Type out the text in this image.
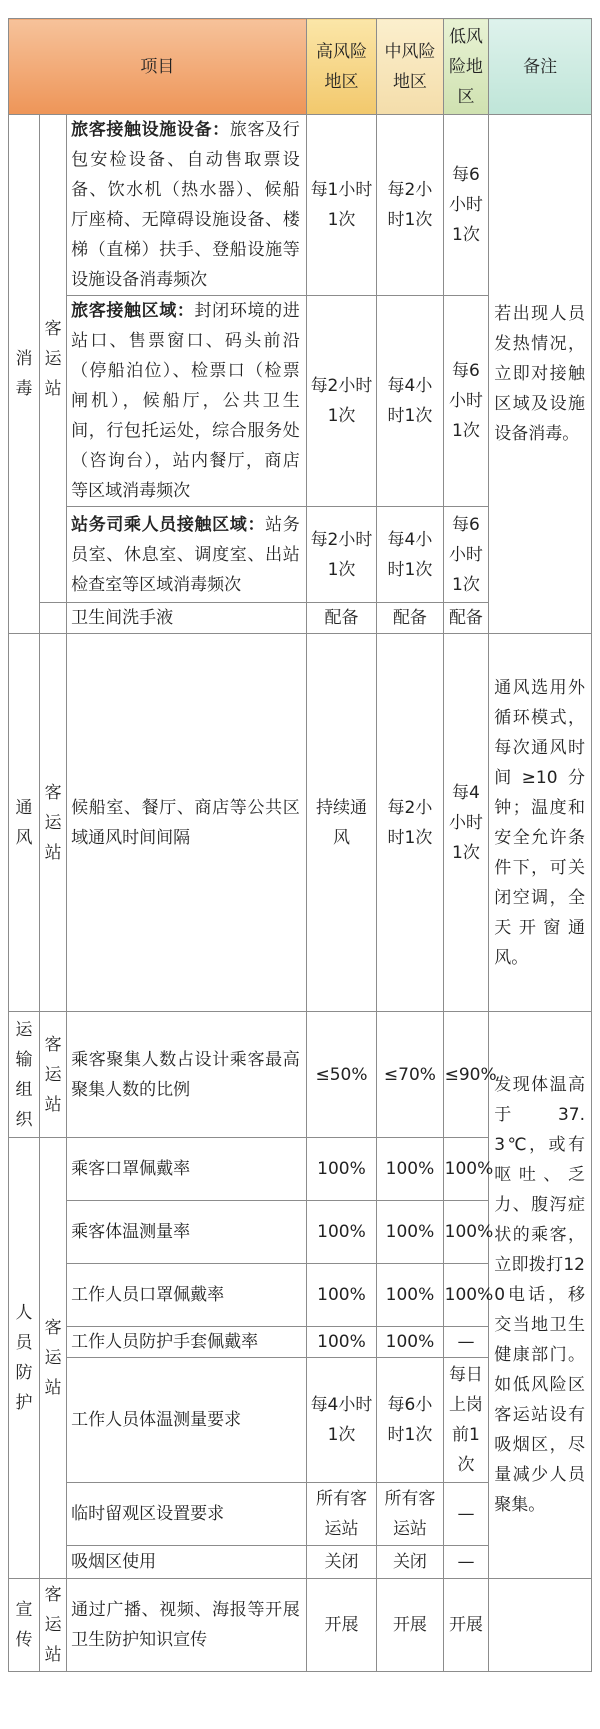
项目			高风险地区	中风险地区	低风险地区	备注
消毒	客运站	旅客接触设施设备：旅客及行包安检设备、自动售取票设备、饮水机（热水器）、候船厅座椅、无障碍设施设备、楼梯（直梯）扶手、登船设施等设施设备消毒频次	每1小时1次	每2小时1次	每6小时1次	若出现人员发热情况，立即对接触区域及设施设备消毒。
		旅客接触区域：封闭环境的进站口、售票窗口、码头前沿（停船泊位）、检票口（检票闸机），候船厅，公共卫生间，行包托运处，综合服务处（咨询台），站内餐厅，商店等区域消毒频次	每2小时1次	每4小时1次	每6小时1次	
		站务司乘人员接触区域：站务员室、休息室、调度室、出站检查室等区域消毒频次	每2小时1次	每4小时1次	每6小时1次	
		卫生间洗手液	配备	配备	配备	
通风	客运站	候船室、餐厅、商店等公共区域通风时间间隔	持续通风	每2小时1次	每4小时1次	通风选用外循环模式，每次通风时间≥10分钟；温度和安全允许条件下，可关闭空调，全天开窗通风。
运输组织	客运站	乘客聚集人数占设计乘客最高聚集人数的比例	≤50%	≤70%	≤90%	发现体温高于37.3℃，或有呕吐、乏力、腹泻症状的乘客，立即拨打120电话，移交当地卫生健康部门。如低风险区客运站设有吸烟区，尽量减少人员聚集。
人员防护	客运站	乘客口罩佩戴率	100%	100%	100%	
		乘客体温测量率	100%	100%	100%	
		工作人员口罩佩戴率	100%	100%	100%	
		工作人员防护手套佩戴率	100%	100%	—	
		工作人员体温测量要求	每4小时1次	每6小时1次	每日上岗前1次	
		临时留观区设置要求	所有客运站	所有客运站	—	
		吸烟区使用	关闭	关闭	—	
宣传	客运站	通过广播、视频、海报等开展卫生防护知识宣传	开展	开展	开展	
